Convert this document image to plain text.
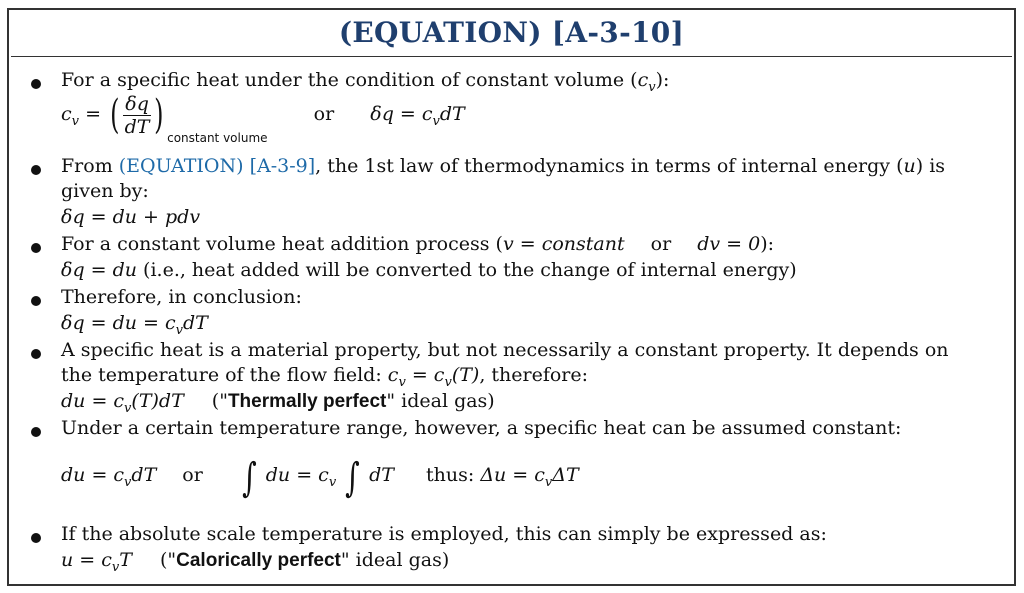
(EQUATION) [A-3-10]
For a specific heat under the condition of constant volume $(c_v)$:
$c_v$ = ( $\frac{\delta q}{dT}$ ) $_{constant volume}$  or $\delta q = c_vdT$
From (EQUATION) [A-3-9], the 1st law of thermodynamics in terms of internal energy (u) is
given by:
δq = du + pdv
For a constant volume heat addition process (v = constant or dv = 0):
δq = du (i.e., heat added will be converted to the change of internal energy)
Therefore, in conclusion:
δq = du = $c_vdT$
A specific heat is a material property, but not necessarily a constant property. It depends on
the temperature of the flow field: $c_v = c_v(T)$, therefore:
du = $c_v(T)dT$ ("Thermally perfect" ideal gas)
Under a certain temperature range, however, a specific heat can be assumed constant:
du = $c_vdT$ or ∫ du = $c_v$ ∫ dT thus: $\Delta u = c_v\Delta T$
If the absolute scale temperature is employed, this can simply be expressed as:
$u = c_vT$ ("Calorically perfect" ideal gas)
